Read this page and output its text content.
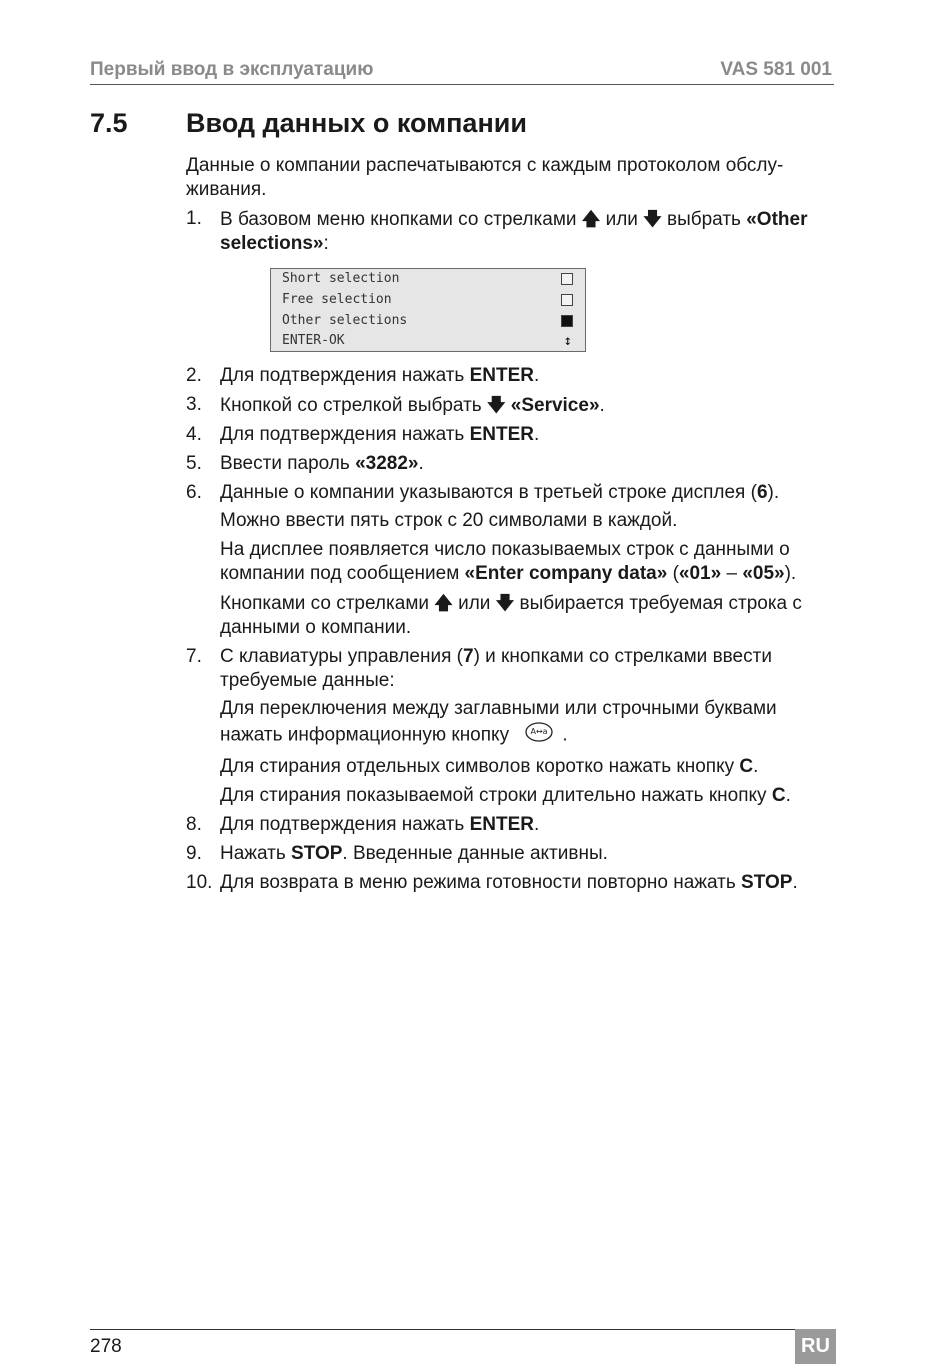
Первый ввод в эксплуатацию	VAS 581 001
7.5 Ввод данных о компании

Данные о компании распечатываются с каждым протоколом обслу-живания.

1. В базовом меню кнопками со стрелками 🡅 или 🡇 выбрать «Other selections»:
Short selection
Free selection
Other selections
ENTER-OK	↕
2. Для подтверждения нажать ENTER.
3. Кнопкой со стрелкой выбрать 🡇 «Service».
4. Для подтверждения нажать ENTER.
5. Ввести пароль «3282».
6. Данные о компании указываются в третьей строке дисплея (6).
Можно ввести пять строк с 20 символами в каждой.
На дисплее появляется число показываемых строк с данными о компании под сообщением «Enter company data» («01» – «05»).
Кнопками со стрелками 🡅 или 🡇 выбирается требуемая строка с данными о компании.
7. С клавиатуры управления (7) и кнопками со стрелками ввести требуемые данные:
Для переключения между заглавными или строчными буквами нажать информационную кнопку	A↔a .
Для стирания отдельных символов коротко нажать кнопку C.
Для стирания показываемой строки длительно нажать кнопку C.
8. Для подтверждения нажать ENTER.
9. Нажать STOP. Введенные данные активны.
10. Для возврата в меню режима готовности повторно нажать STOP.
278	RU
